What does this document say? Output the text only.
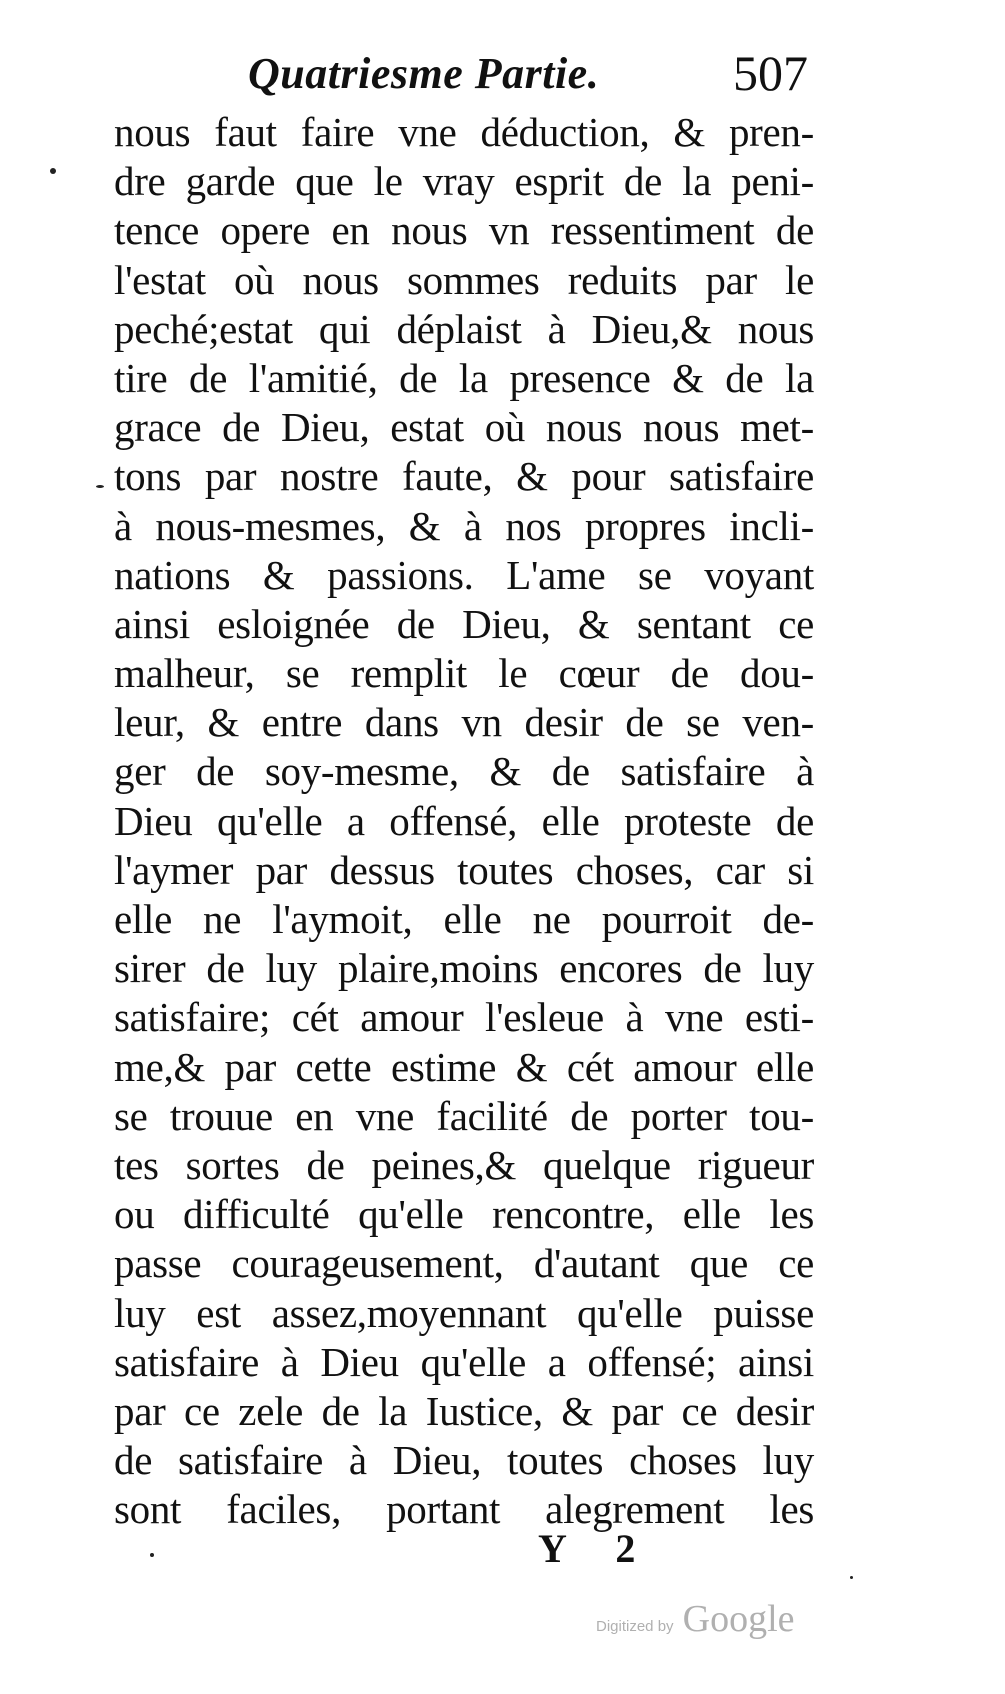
Quatriesme Partie.	507
nous faut faire vne déduction, & pren-
dre garde que le vray esprit de la peni-
tence opere en nous vn ressentiment de
l'estat où nous sommes reduits par le
peché;estat qui déplaist à Dieu,& nous
tire de l'amitié, de la presence & de la
grace de Dieu, estat où nous nous met-
tons par nostre faute, & pour satisfaire
à nous-mesmes, & à nos propres incli-
nations & passions. L'ame se voyant
ainsi esloignée de Dieu, & sentant ce
malheur, se remplit le cœur de dou-
leur, & entre dans vn desir de se ven-
ger de soy-mesme, & de satisfaire à
Dieu qu'elle a offensé, elle proteste de
l'aymer par dessus toutes choses, car si
elle ne l'aymoit, elle ne pourroit de-
sirer de luy plaire,moins encores de luy
satisfaire; cét amour l'esleue à vne esti-
me,& par cette estime & cét amour elle
se trouue en vne facilité de porter tou-
tes sortes de peines,& quelque rigueur
ou difficulté qu'elle rencontre, elle les
passe courageusement, d'autant que ce
luy est assez,moyennant qu'elle puisse
satisfaire à Dieu qu'elle a offensé; ainsi
par ce zele de la Iustice, & par ce desir
de satisfaire à Dieu, toutes choses luy
sont faciles, portant alegrement les
Y 2
Digitized by Google
